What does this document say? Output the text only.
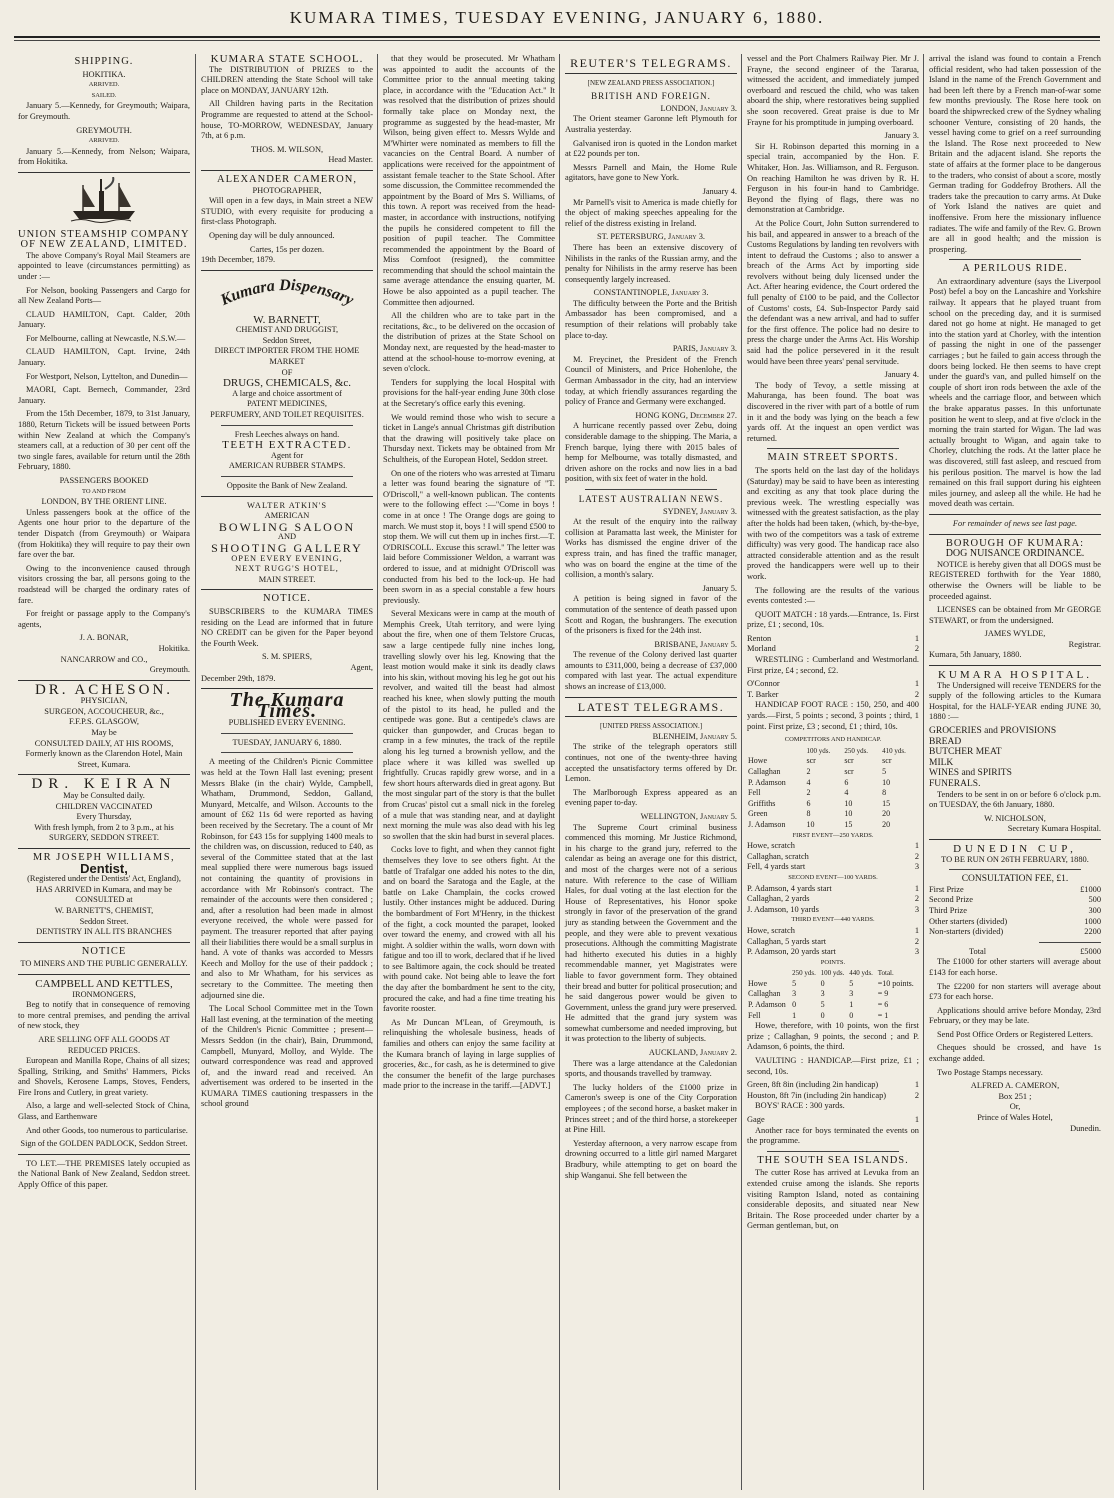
KUMARA TIMES, TUESDAY EVENING, JANUARY 6, 1880.

SHIPPING.

HOKITIKA.

ARRIVED.

SAILED.

January 5.—Kennedy, for Greymouth; Waipara, for Greymouth.

GREYMOUTH.

ARRIVED.

January 5.—Kennedy, from Nelson; Waipara, from Hokitika.

UNION STEAMSHIP COMPANY

OF NEW ZEALAND, LIMITED.

The above Company's Royal Mail Steamers are appointed to leave (circumstances permitting) as under :—

For Nelson, booking Passengers and Cargo for all New Zealand Ports—

CLAUD HAMILTON, Capt. Calder, 20th January.

For Melbourne, calling at Newcastle, N.S.W.—

CLAUD HAMILTON, Capt. Irvine, 24th January.

For Westport, Nelson, Lyttelton, and Dunedin—

MAORI, Capt. Bernech, Commander, 23rd January.

From the 15th December, 1879, to 31st January, 1880, Return Tickets will be issued between Ports within New Zealand at which the Company's steamers call, at a reduction of 30 per cent off the two single fares, available for return until the 28th February, 1880.

PASSENGERS BOOKED

TO AND FROM

LONDON, BY THE ORIENT LINE.

Unless passengers book at the office of the Agents one hour prior to the departure of the tender Dispatch (from Greymouth) or Waipara (from Hokitika) they will require to pay their own fare over the bar.

Owing to the inconvenience caused through visitors crossing the bar, all persons going to the roadstead will be charged the ordinary rates of fare.

For freight or passage apply to the Company's agents,

J. A. BONAR,

Hokitika.

NANCARROW and CO.,

Greymouth.

DR. ACHESON.

PHYSICIAN,

SURGEON, ACCOUCHEUR, &c.,

F.F.P.S. GLASGOW,

May be

CONSULTED DAILY, AT HIS ROOMS,

Formerly known as the Clarendon Hotel, Main Street, Kumara.

DR. KEIRAN

May be Consulted daily.

CHILDREN VACCINATED

Every Thursday,

With fresh lymph, from 2 to 3 p.m., at his

SURGERY, SEDDON STREET.

MR JOSEPH WILLIAMS,

Dentist,

(Registered under the Dentists' Act, England),

HAS ARRIVED in Kumara, and may be CONSULTED at

W. BARNETT'S, CHEMIST,

Seddon Street.

DENTISTRY IN ALL ITS BRANCHES

NOTICE

TO MINERS AND THE PUBLIC GENERALLY.

CAMPBELL AND KETTLES,

IRONMONGERS,

Beg to notify that in consequence of removing to more central premises, and pending the arrival of new stock, they

ARE SELLING OFF ALL GOODS AT REDUCED PRICES.

European and Manilla Rope, Chains of all sizes; Spalling, Striking, and Smiths' Hammers, Picks and Shovels, Kerosene Lamps, Stoves, Fenders, Fire Irons and Cutlery, in great variety.

Also, a large and well-selected Stock of China, Glass, and Earthenware

And other Goods, too numerous to particularise.

Sign of the GOLDEN PADLOCK, Seddon Street.

TO LET.—THE PREMISES lately occupied as the National Bank of New Zealand, Seddon street. Apply Office of this paper.

KUMARA STATE SCHOOL.

The DISTRIBUTION of PRIZES to the CHILDREN attending the State School will take place on MONDAY, JANUARY 12th.

All Children having parts in the Recitation Programme are requested to attend at the School-house, TO-MORROW, WEDNESDAY, January 7th, at 6 p.m.

THOS. M. WILSON,

Head Master.

ALEXANDER CAMERON,

PHOTOGRAPHER,

Will open in a few days, in Main street a NEW STUDIO, with every requisite for producing a first-class Photograph.

Opening day will be duly announced.

Cartes, 15s per dozen.

19th December, 1879.

Kumara Dispensary

W. BARNETT,

CHEMIST AND DRUGGIST,

Seddon Street,

DIRECT IMPORTER FROM THE HOME MARKET

OF

DRUGS, CHEMICALS, &c.

A large and choice assortment of

PATENT MEDICINES,

PERFUMERY, AND TOILET REQUISITES.

Fresh Leeches always on hand.

TEETH EXTRACTED.

Agent for

AMERICAN RUBBER STAMPS.

Opposite the Bank of New Zealand.

WALTER ATKIN'S

AMERICAN

BOWLING SALOON

AND

SHOOTING GALLERY

OPEN EVERY EVENING,

NEXT RUGG'S HOTEL,

MAIN STREET.

NOTICE.

SUBSCRIBERS to the KUMARA TIMES residing on the Lead are informed that in future NO CREDIT can be given for the Paper beyond the Fourth Week.

S. M. SPIERS,

Agent,

December 29th, 1879.

The Kumara Times.

PUBLISHED EVERY EVENING.

TUESDAY, JANUARY 6, 1880.

A meeting of the Children's Picnic Committee was held at the Town Hall last evening; present Messrs Blake (in the chair) Wylde, Campbell, Whatham, Drummond, Seddon, Galland, Munyard, Metcalfe, and Wilson. Accounts to the amount of £62 11s 6d were reported as having been received by the Secretary. The a count of Mr Robinson, for £43 15s for supplying 1400 meals to the children was, on discussion, reduced to £40, as several of the Committee stated that at the last meal supplied there were numerous bags issued not containing the quantity of provisions in accordance with Mr Robinson's contract. The remainder of the accounts were then considered ; and, after a resolution had been made in almost everyone received, the whole were passed for payment. The treasurer reported that after paying all their liabilities there would be a small surplus in hand. A vote of thanks was accorded to Messrs Keech and Molloy for the use of their paddock ; and also to Mr Whatham, for his services as secretary to the Committee. The meeting then adjourned sine die.

The Local School Committee met in the Town Hall last evening, at the termination of the meeting of the Children's Picnic Committee ; present—Messrs Seddon (in the chair), Bain, Drummond, Campbell, Munyard, Molloy, and Wylde. The outward correspondence was read and approved of, and the inward read and received. An advertisement was ordered to be inserted in the KUMARA TIMES cautioning trespassers in the school ground

that they would be prosecuted. Mr Whatham was appointed to audit the accounts of the Committee prior to the annual meeting taking place, in accordance with the "Education Act." It was resolved that the distribution of prizes should formally take place on Monday next, the programme as suggested by the head-master, Mr Wilson, being given effect to. Messrs Wylde and M'Whirter were nominated as members to fill the vacancies on the Central Board. A number of applications were received for the appointment of assistant female teacher to the State School. After some discussion, the Committee recommended the appointment by the Board of Mrs S. Williams, of this town. A report was received from the head-master, in accordance with instructions, notifying the pupils he considered competent to fill the position of pupil teacher. The Committee recommended the appointment by the Board of Miss Cornfoot (resigned), the committee recommending that should the school maintain the same average attendance the ensuing quarter, M. Howe be also appointed as a pupil teacher. The Committee then adjourned.

All the children who are to take part in the recitations, &c., to be delivered on the occasion of the distribution of prizes at the State School on Monday next, are requested by the head-master to attend at the school-house to-morrow evening, at seven o'clock.

Tenders for supplying the local Hospital with provisions for the half-year ending June 30th close at the Secretary's office early this evening.

We would remind those who wish to secure a ticket in Lange's annual Christmas gift distribution that the drawing will positively take place on Thursday next. Tickets may be obtained from Mr Schultheis, of the European Hotel, Seddon street.

On one of the rioters who was arrested at Timaru a letter was found bearing the signature of "T. O'Driscoll," a well-known publican. The contents were to the following effect :—"Come in boys ! come in at once ! The Orange dogs are going to march. We must stop it, boys ! I will spend £500 to stop them. We will cut them up in inches first.—T. O'DRISCOLL. Excuse this scrawl." The letter was laid before Commissioner Weldon, a warrant was ordered to issue, and at midnight O'Driscoll was conducted from his bed to the lock-up. He had been sworn in as a special constable a few hours previously.

Several Mexicans were in camp at the mouth of Memphis Creek, Utah territory, and were lying about the fire, when one of them Telstore Crucas, saw a large centipede fully nine inches long, travelling slowly over his leg. Knowing that the least motion would make it sink its deadly claws into his skin, without moving his leg he got out his revolver, and waited till the beast had almost reached his knee, when slowly putting the mouth of the pistol to its head, he pulled and the centipede was gone. But a centipede's claws are quicker than gunpowder, and Crucas began to cramp in a few minutes, the track of the reptile along his leg turned a brownish yellow, and the place where it was killed was swelled up frightfully. Crucas rapidly grew worse, and in a few short hours afterwards died in great agony. But the most singular part of the story is that the bullet from Crucas' pistol cut a small nick in the foreleg of a mule that was standing near, and at daylight next morning the mule was also dead with his leg so swollen that the skin had burst in several places.

Cocks love to fight, and when they cannot fight themselves they love to see others fight. At the battle of Trafalgar one added his notes to the din, and on board the Saratoga and the Eagle, at the battle on Lake Champlain, the cocks crowed lustily. Other instances might be adduced. During the bombardment of Fort M'Henry, in the thickest of the fight, a cock mounted the parapet, looked over toward the enemy, and crowed with all his might. A soldier within the walls, worn down with fatigue and too ill to work, declared that if he lived to see Baltimore again, the cock should be treated with pound cake. Not being able to leave the fort the day after the bombardment he sent to the city, procured the cake, and had a fine time treating his favorite rooster.

As Mr Duncan M'Lean, of Greymouth, is relinquishing the wholesale business, heads of families and others can enjoy the same facility at the Kumara branch of laying in large supplies of groceries, &c., for cash, as he is determined to give the consumer the benefit of the large purchases made prior to the increase in the tariff.—[ADVT.]

REUTER'S TELEGRAMS.

[NEW ZEALAND PRESS ASSOCIATION.]

BRITISH AND FOREIGN.

LONDON, January 3.

The Orient steamer Garonne left Plymouth for Australia yesterday.

Galvanised iron is quoted in the London market at £22 pounds per ton.

Messrs Parnell and Main, the Home Rule agitators, have gone to New York.

January 4.

Mr Parnell's visit to America is made chiefly for the object of making speeches appealing for the relief of the distress existing in Ireland.

ST. PETERSBURG, January 3.

There has been an extensive discovery of Nihilists in the ranks of the Russian army, and the penalty for Nihilists in the army reserve has been consequently largely increased.

CONSTANTINOPLE, January 3.

The difficulty between the Porte and the British Ambassador has been compromised, and a resumption of their relations will probably take place to-day.

PARIS, January 3.

M. Freycinet, the President of the French Council of Ministers, and Price Hohenlohe, the German Ambassador in the city, had an interview today, at which friendly assurances regarding the policy of France and Germany were exchanged.

HONG KONG, December 27.

A hurricane recently passed over Zebu, doing considerable damage to the shipping. The Maria, a French barque, lying there with 2015 bales of hemp for Melbourne, was totally dismasted, and driven ashore on the rocks and now lies in a bad position, with six feet of water in the hold.

LATEST AUSTRALIAN NEWS.

SYDNEY, January 3.

At the result of the enquiry into the railway collision at Paramatta last week, the Minister for Works has dismissed the engine driver of the express train, and has fined the traffic manager, who was on board the engine at the time of the collision, a month's salary.

January 5.

A petition is being signed in favor of the commutation of the sentence of death passed upon Scott and Rogan, the bushrangers. The execution of the prisoners is fixed for the 24th inst.

BRISBANE, January 5.

The revenue of the Colony derived last quarter amounts to £311,000, being a decrease of £37,000 compared with last year. The actual expenditure shows an increase of £13,000.

LATEST TELEGRAMS.

[UNITED PRESS ASSOCIATION.]

BLENHEIM, January 5.

The strike of the telegraph operators still continues, not one of the twenty-three having accepted the unsatisfactory terms offered by Dr. Lemon.

The Marlborough Express appeared as an evening paper to-day.

WELLINGTON, January 5.

The Supreme Court criminal business commenced this morning. Mr Justice Richmond, in his charge to the grand jury, referred to the calendar as being an average one for this district, and most of the charges were not of a serious nature. With reference to the case of William Hales, for dual voting at the last election for the House of Representatives, his Honor spoke strongly in favor of the preservation of the grand jury as standing between the Government and the people, and they were able to prevent vexatious prosecutions. Although the committing Magistrate had hitherto executed his duties in a highly recommendable manner, yet Magistrates were liable to favor government form. They obtained their bread and butter for political prosecution; and he said dangerous power would be given to Government, unless the grand jury were preserved. He admitted that the grand jury system was somewhat cumbersome and needed improving, but it was protection to the liberty of subjects.

AUCKLAND, January 2.

There was a large attendance at the Caledonian sports, and thousands travelled by tramway.

The lucky holders of the £1000 prize in Cameron's sweep is one of the City Corporation employees ; of the second horse, a basket maker in Princes street ; and of the third horse, a storekeeper at Pine Hill.

Yesterday afternoon, a very narrow escape from drowning occurred to a little girl named Margaret Bradbury, while attempting to get on board the ship Wanganui. She fell between the

vessel and the Port Chalmers Railway Pier. Mr J. Frayne, the second engineer of the Tararua, witnessed the accident, and immediately jumped overboard and rescued the child, who was taken aboard the ship, where restoratives being supplied she soon recovered. Great praise is due to Mr Frayne for his promptitude in jumping overboard.

January 3.

Sir H. Robinson departed this morning in a special train, accompanied by the Hon. F. Whitaker, Hon. Jas. Williamson, and R. Ferguson. On reaching Hamilton he was driven by R. H. Ferguson in his four-in hand to Cambridge. Beyond the flying of flags, there was no demonstration at Cambridge.

At the Police Court, John Sutton surrendered to his bail, and appeared in answer to a breach of the Customs Regulations by landing ten revolvers with intent to defraud the Customs ; also to answer a breach of the Arms Act by importing side revolvers without being duly licensed under the Act. After hearing evidence, the Court ordered the full penalty of £100 to be paid, and the Collector of Customs' costs, £4. Sub-Inspector Pardy said the defendant was a new arrival, and had to suffer for the first offence. The police had no desire to press the charge under the Arms Act. His Worship said had the police persevered in it the result would have been three years' penal servitude.

January 4.

The body of Tevoy, a settle missing at Mahuranga, has been found. The boat was discovered in the river with part of a bottle of rum in it and the body was lying on the beach a few yards off. At the inquest an open verdict was returned.

MAIN STREET SPORTS.

The sports held on the last day of the holidays (Saturday) may be said to have been as interesting and exciting as any that took place during the previous week. The wrestling especially was witnessed with the greatest satisfaction, as the play after the holds had been taken, (which, by-the-bye, with two of the competitors was a task of extreme difficulty) was very good. The handicap race also attracted considerable attention and as the result proved the handicappers were well up to their work.

The following are the results of the various events contested :—

QUOIT MATCH : 18 yards.—Entrance, 1s. First prize, £1 ; second, 10s.

Renton	1
Morland	2

WRESTLING : Cumberland and Westmorland. First prize, £4 ; second, £2.

O'Connor	1
T. Barker	2

HANDICAP FOOT RACE : 150, 250, and 400 yards.—First, 5 points ; second, 3 points ; third, 1 point. First prize, £3 ; second, £1 ; third, 10s.

COMPETITORS AND HANDICAP.

	100 yds.	250 yds.	410 yds.
Howe	scr	scr	scr
Callaghan	2	scr	5
P. Adamson	4	6	10
Fell	2	4	8
Griffiths	6	10	15
Green	8	10	20
J. Adamson	10	15	20

FIRST EVENT—250 YARDS.

Howe, scratch	1
Callaghan, scratch	2
Fell, 4 yards start	3

SECOND EVENT—100 YARDS.

P. Adamson, 4 yards start	1
Callaghan, 2 yards	2
J. Adamson, 10 yards	3

THIRD EVENT—440 YARDS.

Howe, scratch	1
Callaghan, 5 yards start	2
P. Adamson, 20 yards start	3

POINTS.

	250 yds.	100 yds.	440 yds.	Total.
Howe	5	0	5	=10 points.
Callaghan	3	3	3	= 9
P. Adamson	0	5	1	= 6
Fell	1	0	0	= 1

Howe, therefore, with 10 points, won the first prize ; Callaghan, 9 points, the second ; and P. Adamson, 6 points, the third.

VAULTING : HANDICAP.—First prize, £1 ; second, 10s.

Green, 8ft 8in (including 2in handicap)	1
Houston, 8ft 7in (including 2in handicap)	2

BOYS' RACE : 300 yards.

Gage	1

Another race for boys terminated the events on the programme.

THE SOUTH SEA ISLANDS.

The cutter Rose has arrived at Levuka from an extended cruise among the islands. She reports visiting Rampton Island, noted as containing considerable deposits, and situated near New Britain. The Rose proceeded under charter by a German gentleman, but, on

arrival the island was found to contain a French official resident, who had taken possession of the Island in the name of the French Government and had been left there by a French man-of-war some few months previously. The Rose here took on board the shipwrecked crew of the Sydney whaling schooner Venture, consisting of 20 hands, the vessel having come to grief on a reef surrounding the Island. The Rose next proceeded to New Britain and the adjacent island. She reports the state of affairs at the former place to be dangerous to the traders, who consist of about a score, mostly German trading for Goddefroy Brothers. All the traders take the precaution to carry arms. At Duke of York Island the natives are quiet and inoffensive. From here the missionary influence radiates. The wife and family of the Rev. G. Brown are all in good health; and the mission is prospering.

A PERILOUS RIDE.

An extraordinary adventure (says the Liverpool Post) befel a boy on the Lancashire and Yorkshire railway. It appears that he played truant from school on the preceding day, and it is surmised dared not go home at night. He managed to get into the station yard at Chorley, with the intention of passing the night in one of the passenger carriages ; but he failed to gain access through the doors being locked. He then seems to have crept under the guard's van, and pulled himself on the couple of short iron rods between the axle of the wheels and the carriage floor, and between which the brake apparatus passes. In this unfortunate position he went to sleep, and at five o'clock in the morning the train started for Wigan. The lad was actually brought to Wigan, and again take to Chorley, clutching the rods. At the latter place he was discovered, still fast asleep, and rescued from his perilous position. The marvel is how the lad remained on this frail support during his eighteen miles journey, and asleep all the while. He had he moved death was certain.

For remainder of news see last page.

BOROUGH OF KUMARA:

DOG NUISANCE ORDINANCE.

NOTICE is hereby given that all DOGS must be REGISTERED forthwith for the Year 1880, otherwise the Owners will be liable to be proceeded against.

LICENSES can be obtained from Mr GEORGE STEWART, or from the undersigned.

JAMES WYLDE,

Registrar.

Kumara, 5th January, 1880.

KUMARA HOSPITAL.

The Undersigned will receive TENDERS for the supply of the following articles to the Kumara Hospital, for the HALF-YEAR ending JUNE 30, 1880 :—

GROCERIES and PROVISIONS

BREAD

BUTCHER MEAT

MILK

WINES and SPIRITS

FUNERALS.

Tenders to be sent in on or before 6 o'clock p.m. on TUESDAY, the 6th January, 1880.

W. NICHOLSON,

Secretary Kumara Hospital.

DUNEDIN CUP,

TO BE RUN ON 26TH FEBRUARY, 1880.

CONSULTATION FEE, £1.

First Prize	£1000
Second Prize	500
Third Prize	300
Other starters (divided)	1000
Non-starters (divided)	2200
Total	£5000

The £1000 for other starters will average about £143 for each horse.

The £2200 for non starters will average about £73 for each horse.

Applications should arrive before Monday, 23rd February, or they may be late.

Send Post Office Orders or Registered Letters.

Cheques should be crossed, and have 1s exchange added.

Two Postage Stamps necessary.

ALFRED A. CAMERON,

Box 251 ;

Or,

Prince of Wales Hotel,

Dunedin.
